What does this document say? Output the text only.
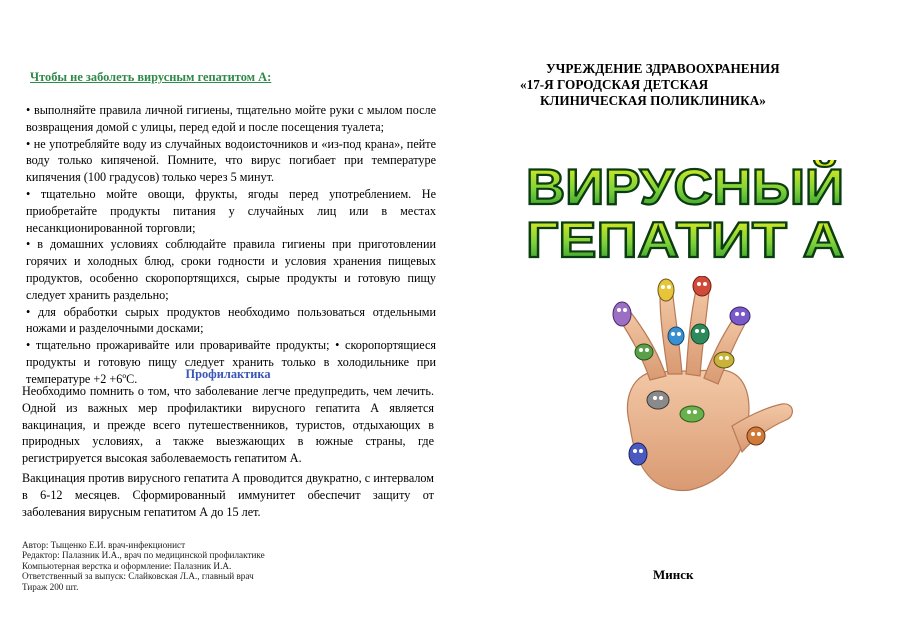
Чтобы не заболеть вирусным гепатитом А:

• выполняйте правила личной гигиены, тщательно мойте руки с мылом после возвращения домой с улицы, перед едой и после посещения туалета;

• не употребляйте воду из случайных водоисточников и «из-под крана», пейте воду только кипяченой. Помните, что вирус погибает при температуре кипячения (100 градусов) только через 5 минут.

• тщательно мойте овощи, фрукты, ягоды перед употреблением. Не приобретайте продукты питания у случайных лиц или в местах несанкционированной торговли;

• в домашних условиях соблюдайте правила гигиены при приготовлении горячих и холодных блюд, сроки годности и условия хранения пищевых продуктов, особенно скоропортящихся, сырые продукты и готовую пищу следует хранить раздельно;

• для обработки сырых продуктов необходимо пользоваться отдельными ножами и разделочными досками;

• тщательно прожаривайте или проваривайте продукты; • скоропортящиеся продукты и готовую пищу следует хранить только в холодильнике при температуре +2 +6ºС.	Профилактика
Необходимо помнить о том, что заболевание легче предупредить, чем лечить. Одной из важных мер профилактики вирусного гепатита А является вакцинация, и прежде всего путешественников, туристов, отдыхающих в природных условиях, а также выезжающих в южные страны, где регистрируется высокая заболеваемость гепатитом А.
Вакцинация против вирусного гепатита А проводится двукратно, с интервалом в 6-12 месяцев. Сформированный иммунитет обеспечит защиту от заболевания вирусным гепатитом А до 15 лет.
Автор: Тыщенко Е.И. врач-инфекционист
Редактор: Палазник И.А., врач по медицинской профилактике
Компьютерная верстка и оформление: Палазник И.А.
Ответственный за выпуск: Слайковская Л.А., главный врач
Тираж 200 шт.
УЧРЕЖДЕНИЕ ЗДРАВООХРАНЕНИЯ
«17-Я ГОРОДСКАЯ ДЕТСКАЯ
КЛИНИЧЕСКАЯ ПОЛИКЛИНИКА»
ВИРУСНЫЙ
ГЕПАТИТ А
Минск
